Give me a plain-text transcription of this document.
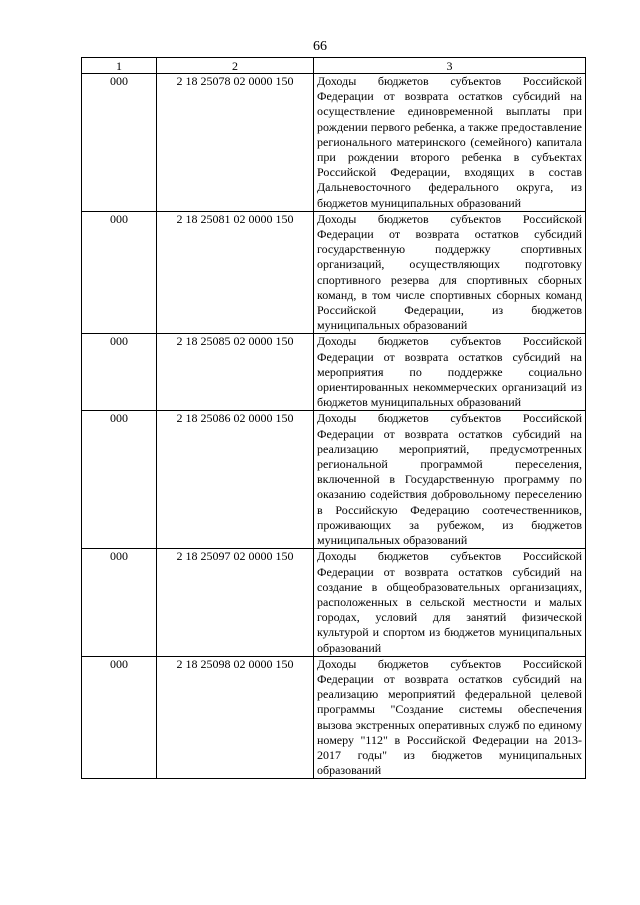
66
1	2	3
000	2 18 25078 02 0000 150	Доходы бюджетов субъектов Российской Федерации от возврата остатков субсидий на осуществление единовременной выплаты при рождении первого ребенка, а также предоставление регионального материнского (семейного) капитала при рождении второго ребенка в субъектах Российской Федерации, входящих в состав Дальневосточного федерального округа, из бюджетов муниципальных образований
000	2 18 25081 02 0000 150	Доходы бюджетов субъектов Российской Федерации от возврата остатков субсидий государственную поддержку спортивных организаций, осуществляющих подготовку спортивного резерва для спортивных сборных команд, в том числе спортивных сборных команд Российской Федерации, из бюджетов муниципальных образований
000	2 18 25085 02 0000 150	Доходы бюджетов субъектов Российской Федерации от возврата остатков субсидий на мероприятия по поддержке социально ориентированных некоммерческих организаций из бюджетов муниципальных образований
000	2 18 25086 02 0000 150	Доходы бюджетов субъектов Российской Федерации от возврата остатков субсидий на реализацию мероприятий, предусмотренных региональной программой переселения, включенной в Государственную программу по оказанию содействия добровольному переселению в Российскую Федерацию соотечественников, проживающих за рубежом, из бюджетов муниципальных образований
000	2 18 25097 02 0000 150	Доходы бюджетов субъектов Российской Федерации от возврата остатков субсидий на создание в общеобразовательных организациях, расположенных в сельской местности и малых городах, условий для занятий физической культурой и спортом из бюджетов муниципальных образований
000	2 18 25098 02 0000 150	Доходы бюджетов субъектов Российской Федерации от возврата остатков субсидий на реализацию мероприятий федеральной целевой программы "Создание системы обеспечения вызова экстренных оперативных служб по единому номеру "112" в Российской Федерации на 2013-2017 годы" из бюджетов муниципальных образований
